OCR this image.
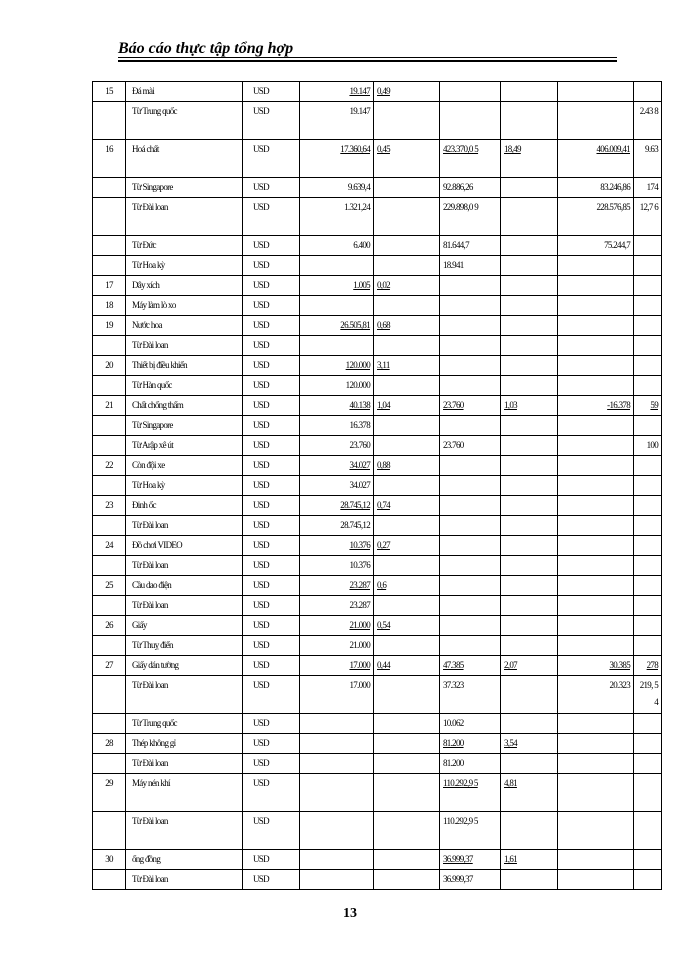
Báo cáo thực tập tổng hợp
15	Đá mài	USD	19.147	0,49				
	Từ Trung quốc	USD	19.147					2.43 8
16	Hoá chất	USD	17.360,64	0,45	423.370,0 5	18,49	406.009,41	9.63
	Từ Singapore	USD	9.639,4		92.886,26		83.246,86	174
	Từ Đài loan	USD	1.321,24		229.898,0 9		228.576,85	12,7 6
	Từ Đức	USD	6.400		81.644,7		75.244,7	
	Từ Hoa kỳ	USD			18.941			
17	Dây xích	USD	1.005	0,02				
18	Máy làm lò xo	USD						
19	Nước hoa	USD	26.505,81	0,68				
	Từ Đài loan	USD						
20	Thiết bị điều khiển	USD	120.000	3,11				
	Từ Hàn quốc	USD	120.000					
21	Chất chống thấm	USD	40.138	1,04	23.760	1,03	-16.378	59
	Từ Singapore	USD	16.378					
	Từ Arập xê út	USD	23.760		23.760			100
22	Còn đội xe	USD	34.027	0,88				
	Từ Hoa kỳ	USD	34.027					
23	Đinh ốc	USD	28.745,12	0,74				
	Từ Đài loan	USD	28.745,12					
24	Đồ chơi VIDEO	USD	10.376	0,27				
	Từ Đài loan	USD	10.376					
25	Cầu dao điện	USD	23.287	0,6				
	Từ Đài loan	USD	23.287					
26	Giấy	USD	21.000	0,54				
	Từ Thuỵ điển	USD	21.000					
27	Giấy dán tường	USD	17.000	0,44	47.385	2,07	30.385	278
	Từ Đài loan	USD	17.000		37.323		20.323	219, 54
	Từ Trung quốc	USD			10.062			
28	Thép không gỉ	USD			81.200	3,54		
	Từ Đài loan	USD			81.200			
29	Máy nén khí	USD			110.292,9 5	4,81		
	Từ Đài loan	USD			110.292,9 5			
30	ống đồng	USD			36.999,37	1,61		
	Từ Đài loan	USD			36.999,37			
13
